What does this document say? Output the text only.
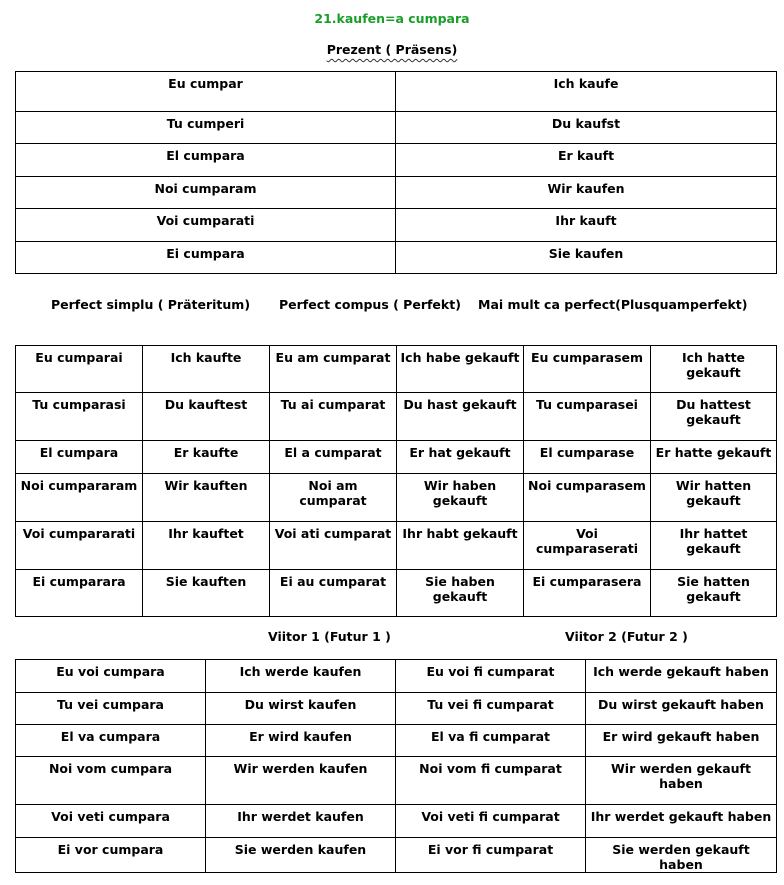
21.kaufen=a cumpara
Prezent ( Präsens)
Eu cumpar	Ich kaufe
Tu cumperi	Du kaufst
El cumpara	Er kauft
Noi cumparam	Wir kaufen
Voi cumparati	Ihr kauft
Ei cumpara	Sie kaufen
Perfect simplu ( Präteritum) Perfect compus ( Perfekt) Mai mult ca perfect(Plusquamperfekt)
Eu cumparai	Ich kaufte	Eu am cumparat	Ich habe gekauft	Eu cumparasem	Ich hatte gekauft
Tu cumparasi	Du kauftest	Tu ai cumparat	Du hast gekauft	Tu cumparasei	Du hattest gekauft
El cumpara	Er kaufte	El a cumparat	Er hat gekauft	El cumparase	Er hatte gekauft
Noi cumpararam	Wir kauften	Noi am cumparat	Wir haben gekauft	Noi cumparasem	Wir hatten gekauft
Voi cumpararati	Ihr kauftet	Voi ati cumparat	Ihr habt gekauft	Voi cumparaserati	Ihr hattet gekauft
Ei cumparara	Sie kauften	Ei au cumparat	Sie haben gekauft	Ei cumparasera	Sie hatten gekauft
Viitor 1 (Futur 1 )	Viitor 2 (Futur 2 )
Eu voi cumpara	Ich werde kaufen	Eu voi fi cumparat	Ich werde gekauft haben
Tu vei cumpara	Du wirst kaufen	Tu vei fi cumparat	Du wirst gekauft haben
El va cumpara	Er wird kaufen	El va fi cumparat	Er wird gekauft haben
Noi vom cumpara	Wir werden kaufen	Noi vom fi cumparat	Wir werden gekauft haben
Voi veti cumpara	Ihr werdet kaufen	Voi veti fi cumparat	Ihr werdet gekauft haben
Ei vor cumpara	Sie werden kaufen	Ei vor fi cumparat	Sie werden gekauft haben
